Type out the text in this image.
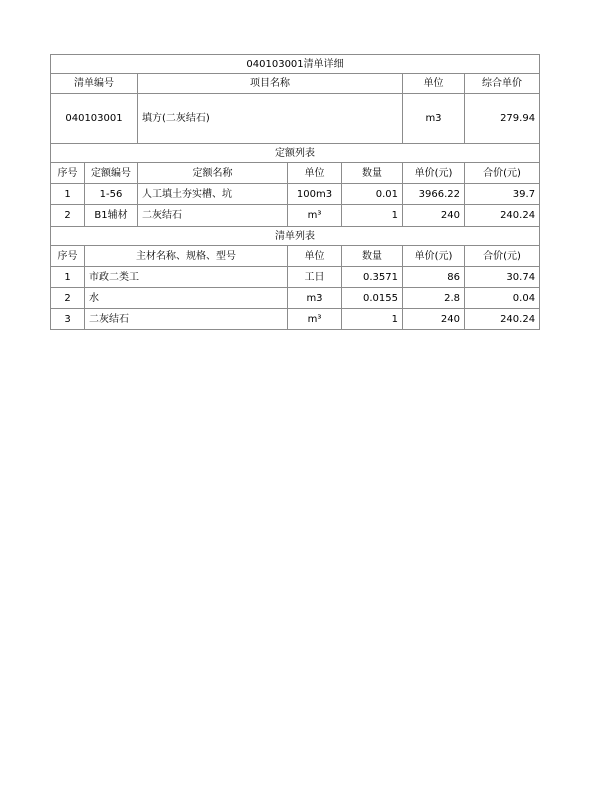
040103001清单详细						
清单编号		项目名称			单位	综合单价
040103001		填方(二灰结石)			m3	279.94
定额列表						
序号	定额编号	定额名称	单位	数量	单价(元)	合价(元)
1	1-56	人工填土夯实槽、坑	100m3	0.01	3966.22	39.7
2	B1辅材	二灰结石	m³	1	240	240.24
清单列表						
序号	主材名称、规格、型号		单位	数量	单价(元)	合价(元)
1	市政二类工		工日	0.3571	86	30.74
2	水		m3	0.0155	2.8	0.04
3	二灰结石		m³	1	240	240.24
